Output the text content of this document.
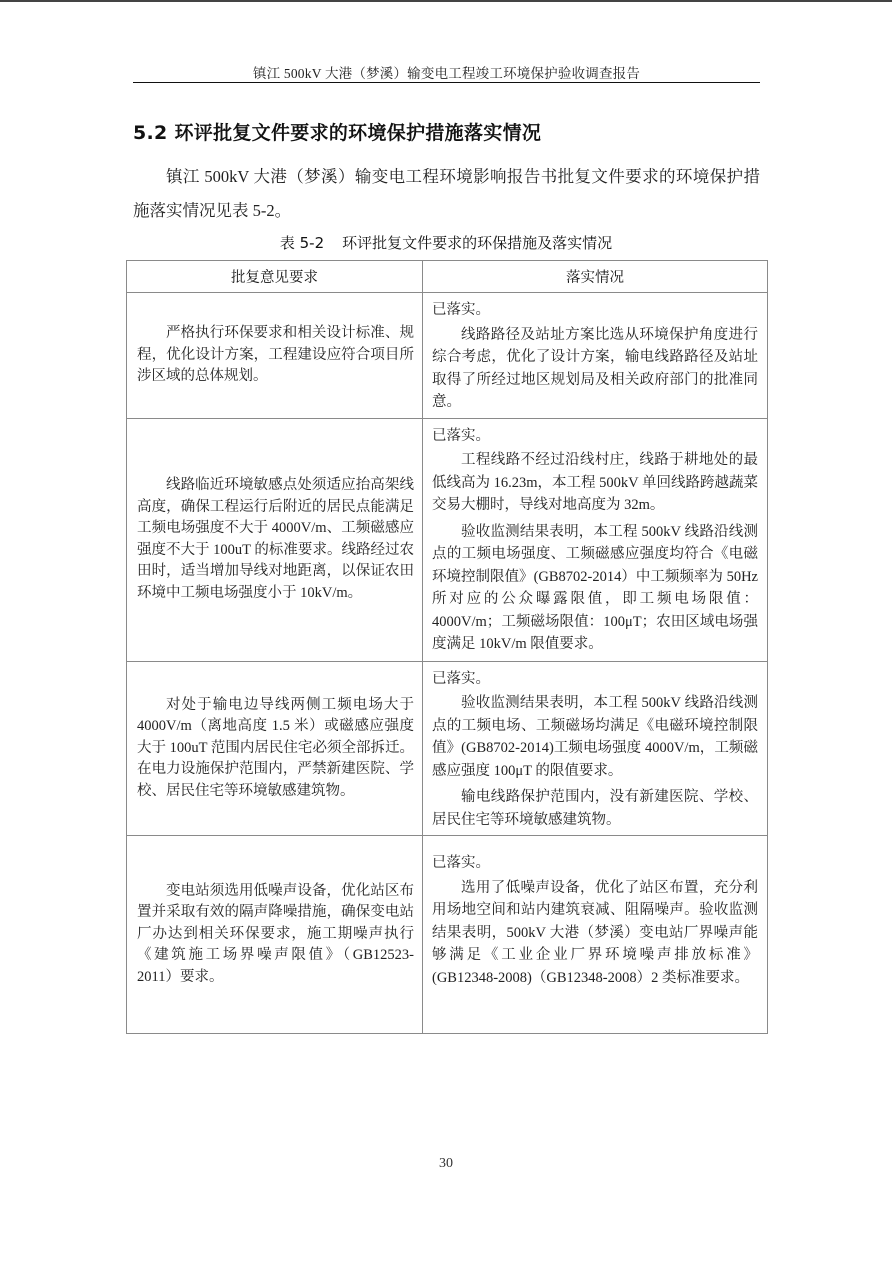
镇江 500kV 大港（梦溪）输变电工程竣工环境保护验收调查报告
5.2 环评批复文件要求的环境保护措施落实情况
镇江 500kV 大港（梦溪）输变电工程环境影响报告书批复文件要求的环境保护措施落实情况见表 5-2。
表 5-2 环评批复文件要求的环保措施及落实情况
批复意见要求	落实情况

严格执行环保要求和相关设计标准、规程，优化设计方案，工程建设应符合项目所涉区域的总体规划。	已落实。
线路路径及站址方案比选从环境保护角度进行综合考虑，优化了设计方案，输电线路路径及站址取得了所经过地区规划局及相关政府部门的批准同意。

线路临近环境敏感点处须适应抬高架线高度，确保工程运行后附近的居民点能满足工频电场强度不大于 4000V/m、工频磁感应强度不大于 100uT 的标准要求。线路经过农田时，适当增加导线对地距离，以保证农田环境中工频电场强度小于 10kV/m。	已落实。
工程线路不经过沿线村庄，线路于耕地处的最低线高为 16.23m，本工程 500kV 单回线路跨越蔬菜交易大棚时，导线对地高度为 32m。
验收监测结果表明，本工程 500kV 线路沿线测点的工频电场强度、工频磁感应强度均符合《电磁环境控制限值》(GB8702-2014）中工频频率为 50Hz 所对应的公众曝露限值，即工频电场限值：4000V/m；工频磁场限值：100μT；农田区域电场强度满足 10kV/m 限值要求。

对处于输电边导线两侧工频电场大于 4000V/m（离地高度 1.5 米）或磁感应强度大于 100uT 范围内居民住宅必须全部拆迁。在电力设施保护范围内，严禁新建医院、学校、居民住宅等环境敏感建筑物。	已落实。
验收监测结果表明，本工程 500kV 线路沿线测点的工频电场、工频磁场均满足《电磁环境控制限值》(GB8702-2014)工频电场强度 4000V/m，工频磁感应强度 100μT 的限值要求。
输电线路保护范围内，没有新建医院、学校、居民住宅等环境敏感建筑物。

变电站须选用低噪声设备，优化站区布置并采取有效的隔声降噪措施，确保变电站厂办达到相关环保要求，施工期噪声执行《建筑施工场界噪声限值》（GB12523-2011）要求。	已落实。
选用了低噪声设备，优化了站区布置，充分利用场地空间和站内建筑衰减、阻隔噪声。验收监测结果表明，500kV 大港（梦溪）变电站厂界噪声能够满足《工业企业厂界环境噪声排放标准》(GB12348-2008)（GB12348-2008）2 类标准要求。
30
